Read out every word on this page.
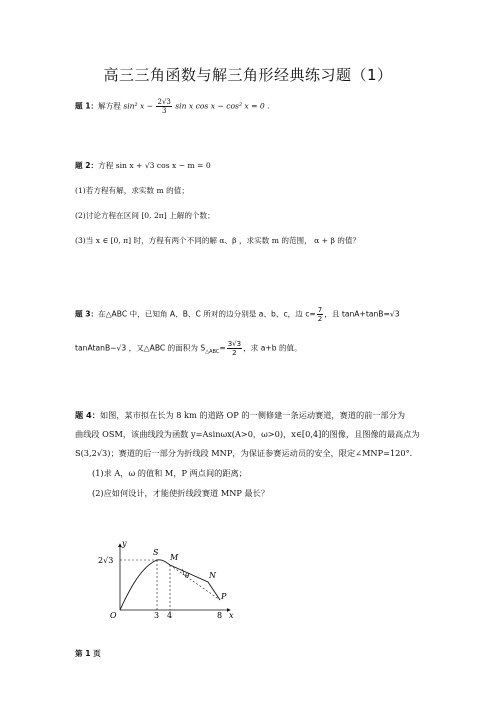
高三三角函数与解三角形经典练习题（1）
题 1：解方程 sin² $x - \frac{2√3}{3}$ sin x cos x − cos² x = 0 .
题 2：方程 sin x + √3 cos x − m = 0
(1)若方程有解，求实数 m 的值；
(2)讨论方程在区间 [0, 2π] 上解的个数；
(3)当 x ∈ [0, π] 时，方程有两个不同的解 α、β ，求实数 m 的范围， α + β 的值？
题 3：在△ABC 中，已知角 A、B、C 所对的边分别是 a、b、c，边 $c= \frac{7}{2}$ ，且 tanA+tanB=√3
tanAtanB−√3 ，又△ABC 的面积为 $S_{\triangle ABC}= \frac{3√3}{2}$ ，求 a+b 的值。
题 4：如图，某市拟在长为 8 km 的道路 OP 的一侧修建一条运动赛道，赛道的前一部分为
曲线段 OSM，该曲线段为函数 y=Asinωx(A>0，ω>0)，x∈[0,4]的图像，且图像的最高点为
S(3,2√3)；赛道的后一部分为折线段 MNP，为保证参赛运动员的安全，限定∠MNP=120°.
(1)求 A，ω 的值和 M，P 两点间的距离；
(2)应如何设计，才能使折线段赛道 MNP 最长？
y
2√3
O	3 4	8 x
S
M
N
P
θ
第 1 页
